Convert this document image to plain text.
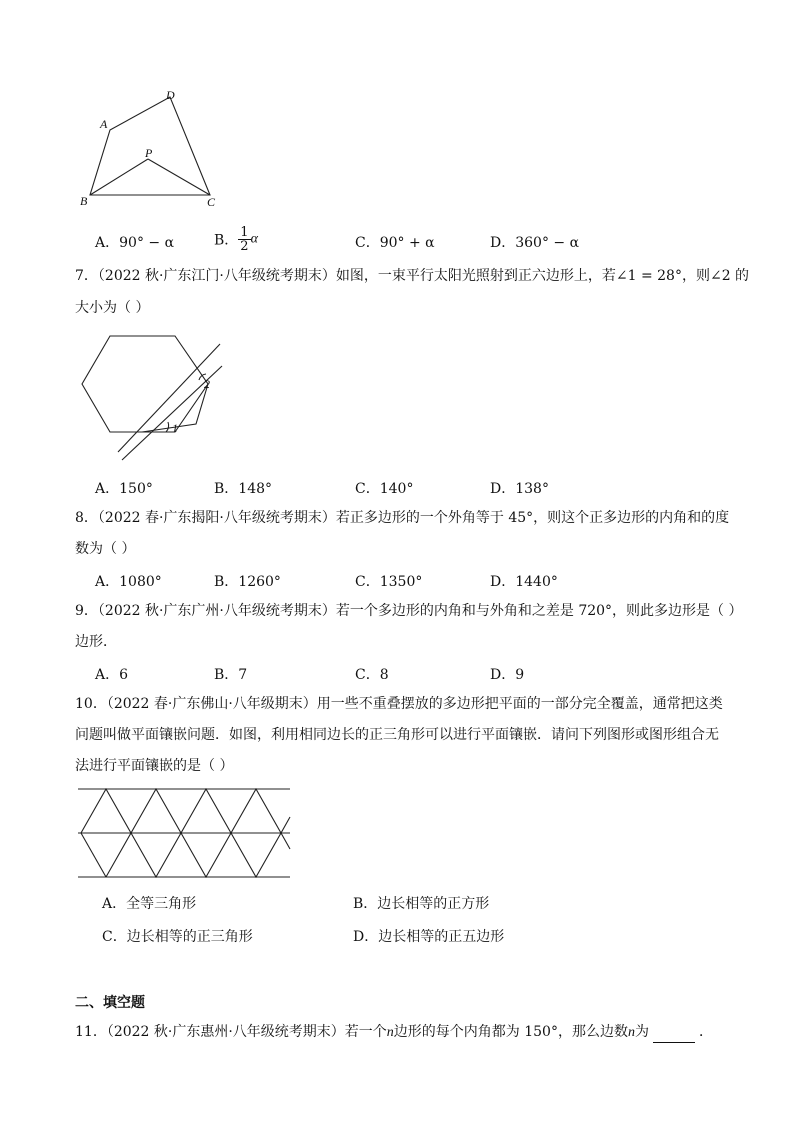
A
D
P
B	C
A．90° − α	B． $\frac{1}{2}$ α	C．90° + α	D．360° − α
7．（2022 秋·广东江门·八年级统考期末）如图，一束平行太阳光照射到正六边形上，若∠1 = 28°，则∠2 的
大小为（ ）
1
2
A．150°	B．148°	C．140°	D．138°
8．（2022 春·广东揭阳·八年级统考期末）若正多边形的一个外角等于 45°，则这个正多边形的内角和的度
数为（ ）
A．1080°	B．1260°	C．1350°	D．1440°
9．（2022 秋·广东广州·八年级统考期末）若一个多边形的内角和与外角和之差是 720°，则此多边形是（ ）
边形．
A．6	B．7	C．8	D．9
10．（2022 春·广东佛山·八年级期末）用一些不重叠摆放的多边形把平面的一部分完全覆盖，通常把这类
问题叫做平面镶嵌问题．如图，利用相同边长的正三角形可以进行平面镶嵌．请问下列图形或图形组合无
法进行平面镶嵌的是（ ）
A．全等三角形	B．边长相等的正方形
C．边长相等的正三角形	D．边长相等的正五边形
二、填空题
11．（2022 秋·广东惠州·八年级统考期末）若一个n边形的每个内角都为 150°，那么边数n为	．
